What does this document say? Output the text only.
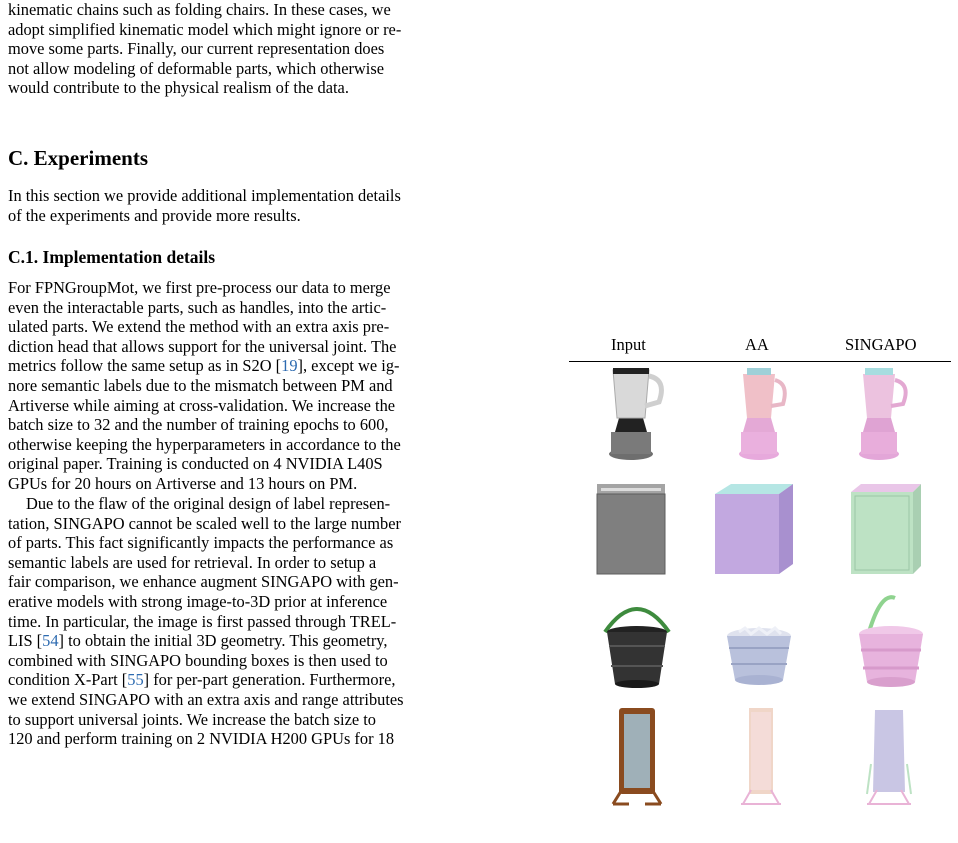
kinematic chains such as folding chairs. In these cases, we

adopt simplified kinematic model which might ignore or re-

move some parts. Finally, our current representation does

not allow modeling of deformable parts, which otherwise

would contribute to the physical realism of the data.

C. Experiments

In this section we provide additional implementation details

of the experiments and provide more results.

C.1. Implementation details

For FPNGroupMot, we first pre-process our data to merge

even the interactable parts, such as handles, into the artic-

ulated parts. We extend the method with an extra axis pre-

diction head that allows support for the universal joint. The

metrics follow the same setup as in S2O [19], except we ig-

nore semantic labels due to the mismatch between PM and

Artiverse while aiming at cross-validation. We increase the

batch size to 32 and the number of training epochs to 600,

otherwise keeping the hyperparameters in accordance to the

original paper. Training is conducted on 4 NVIDIA L40S

GPUs for 20 hours on Artiverse and 13 hours on PM.

Due to the flaw of the original design of label represen-

tation, SINGAPO cannot be scaled well to the large number

of parts. This fact significantly impacts the performance as

semantic labels are used for retrieval. In order to setup a

fair comparison, we enhance augment SINGAPO with gen-

erative models with strong image-to-3D prior at inference

time. In particular, the image is first passed through TREL-

LIS [54] to obtain the initial 3D geometry. This geometry,

combined with SINGAPO bounding boxes is then used to

condition X-Part [55] for per-part generation. Furthermore,

we extend SINGAPO with an extra axis and range attributes

to support universal joints. We increase the batch size to

120 and perform training on 2 NVIDIA H200 GPUs for 18

Input	AA	SINGAPO
